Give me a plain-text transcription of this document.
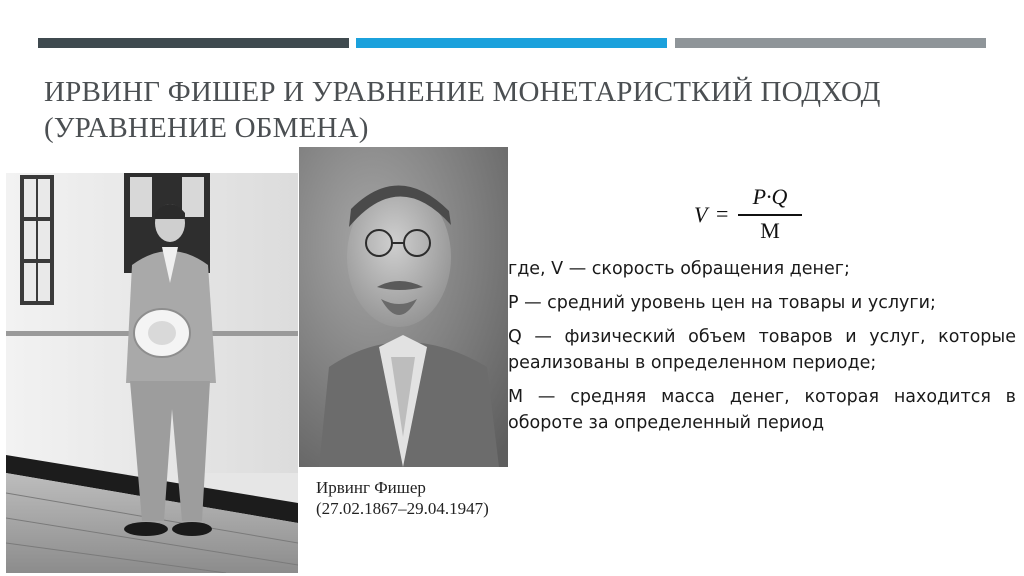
ИРВИНГ ФИШЕР И УРАВНЕНИЕ МОНЕТАРИСТКИЙ ПОДХОД
(УРАВНЕНИЕ ОБМЕНА)
Ирвинг Фишер
(27.02.1867–29.04.1947)
V =
P·Q
M

где, V — скорость обращения денег;

P — средний уровень цен на товары и услуги;

Q — физический объем товаров и услуг, которые реализованы в определенном периоде;

M — средняя масса денег, которая находится в обороте за определенный период
